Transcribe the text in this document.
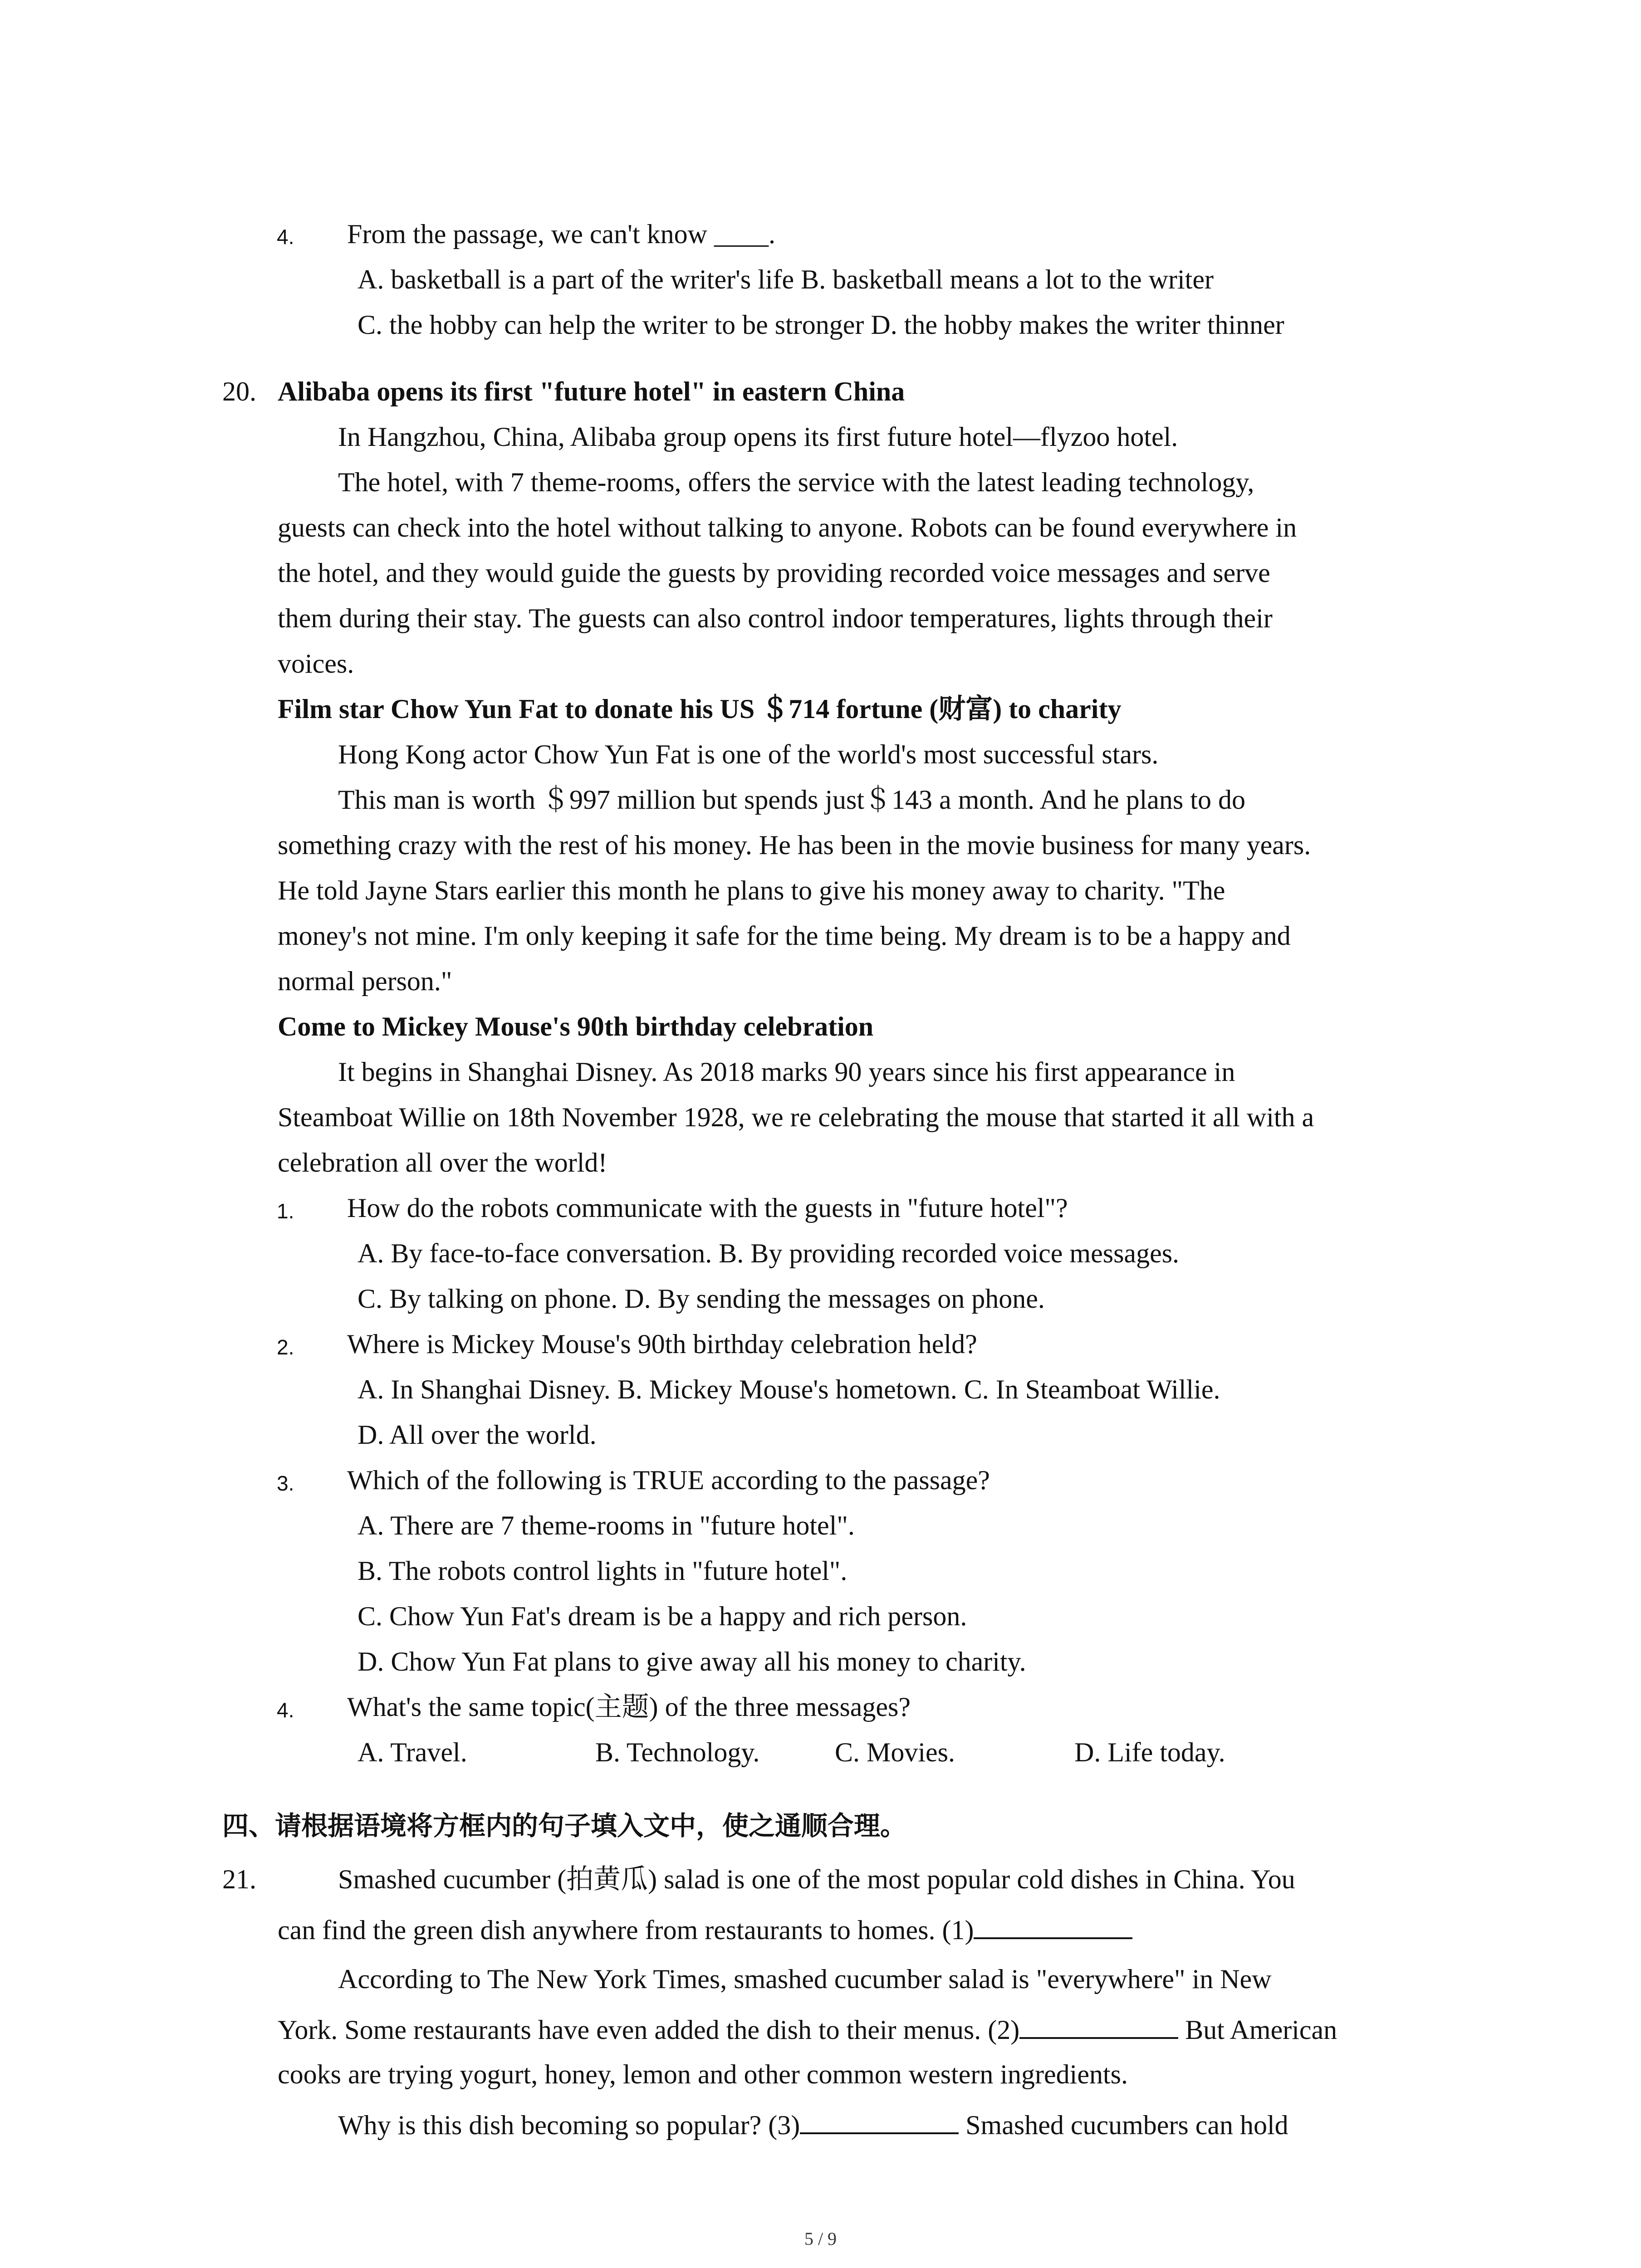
4. From the passage, we can't know ____.
A. basketball is a part of the writer's life B. basketball means a lot to the writer
C. the hobby can help the writer to be stronger D. the hobby makes the writer thinner
20. Alibaba opens its first "future hotel" in eastern China
In Hangzhou, China, Alibaba group opens its first future hotel—flyzoo hotel.
The hotel, with 7 theme-rooms, offers the service with the latest leading technology,
guests can check into the hotel without talking to anyone. Robots can be found everywhere in
the hotel, and they would guide the guests by providing recorded voice messages and serve
them during their stay. The guests can also control indoor temperatures, lights through their
voices.
Film star Chow Yun Fat to donate his US ＄714 fortune (财富) to charity
Hong Kong actor Chow Yun Fat is one of the world's most successful stars.
This man is worth ＄997 million but spends just＄143 a month. And he plans to do
something crazy with the rest of his money. He has been in the movie business for many years.
He told Jayne Stars earlier this month he plans to give his money away to charity. "The
money's not mine. I'm only keeping it safe for the time being. My dream is to be a happy and
normal person."
Come to Mickey Mouse's 90th birthday celebration
It begins in Shanghai Disney. As 2018 marks 90 years since his first appearance in
Steamboat Willie on 18th November 1928, we re celebrating the mouse that started it all with a
celebration all over the world!
1. How do the robots communicate with the guests in "future hotel"?
A. By face-to-face conversation. B. By providing recorded voice messages.
C. By talking on phone. D. By sending the messages on phone.
2. Where is Mickey Mouse's 90th birthday celebration held?
A. In Shanghai Disney. B. Mickey Mouse's hometown. C. In Steamboat Willie.
D. All over the world.
3. Which of the following is TRUE according to the passage?
A. There are 7 theme-rooms in "future hotel".
B. The robots control lights in "future hotel".
C. Chow Yun Fat's dream is be a happy and rich person.
D. Chow Yun Fat plans to give away all his money to charity.
4. What's the same topic(主题) of the three messages?
A. Travel.	B. Technology.	C. Movies.	D. Life today.
四、请根据语境将方框内的句子填入文中，使之通顺合理。
21.	Smashed cucumber (拍黄瓜) salad is one of the most popular cold dishes in China. You
can find the green dish anywhere from restaurants to homes. (1)
According to The New York Times, smashed cucumber salad is "everywhere" in New
York. Some restaurants have even added the dish to their menus. (2)	But American
cooks are trying yogurt, honey, lemon and other common western ingredients.
Why is this dish becoming so popular? (3)	Smashed cucumbers can hold
5 / 9
